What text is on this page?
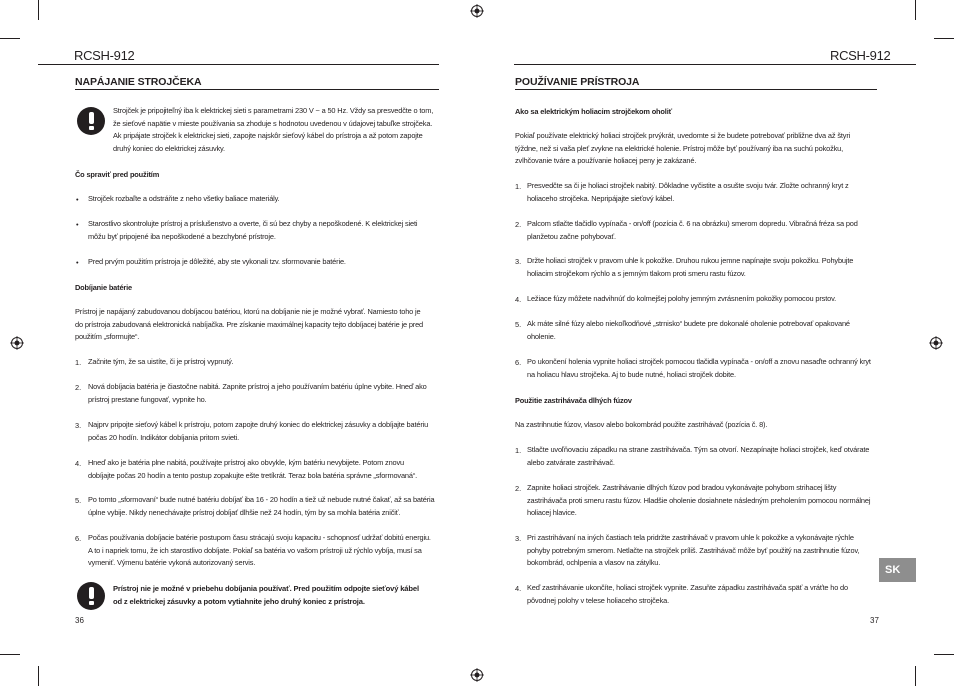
RCSH-912	RCSH-912
NAPÁJANIE STROJČEKA
Strojček je pripojiteľný iba k elektrickej sieti s parametrami 230 V ~ a 50 Hz. Vždy sa presvedčte o tom,
že sieťové napätie v mieste používania sa zhoduje s hodnotou uvedenou v údajovej tabuľke strojčeka.
Ak pripájate strojček k elektrickej sieti, zapojte najskôr sieťový kábel do prístroja a až potom zapojte
druhý koniec do elektrickej zásuvky.
Čo spraviť pred použitím
• Strojček rozbaľte a odstráňte z neho všetky baliace materiály.
• Starostlivo skontrolujte prístroj a príslušenstvo a overte, či sú bez chyby a nepoškodené. K elektrickej sieti
môžu byť pripojené iba nepoškodené a bezchybné prístroje.
• Pred prvým použitím prístroja je dôležité, aby ste vykonali tzv. sformovanie batérie.
Dobíjanie batérie
Prístroj je napájaný zabudovanou dobíjacou batériou, ktorú na dobíjanie nie je možné vybrať. Namiesto toho je
do prístroja zabudovaná elektronická nabíjačka. Pre získanie maximálnej kapacity tejto dobíjacej batérie je pred
použitím „sformujte“.
1. Začnite tým, že sa uistíte, či je prístroj vypnutý.
2. Nová dobíjacia batéria je čiastočne nabitá. Zapnite prístroj a jeho používaním batériu úplne vybite. Hneď ako
prístroj prestane fungovať, vypnite ho.
3. Najprv pripojte sieťový kábel k prístroju, potom zapojte druhý koniec do elektrickej zásuvky a dobíjajte batériu
počas 20 hodín. Indikátor dobíjania pritom svieti.
4. Hneď ako je batéria plne nabitá, používajte prístroj ako obvykle, kým batériu nevybijete. Potom znovu
dobíjajte počas 20 hodín a tento postup zopakujte ešte tretíkrát. Teraz bola batéria správne „sformovaná“.
5. Po tomto „sformovaní“ bude nutné batériu dobíjať iba 16 - 20 hodín a tiež už nebude nutné čakať, až sa batéria
úplne vybije. Nikdy nenechávajte prístroj dobíjať dlhšie než 24 hodín, tým by sa mohla batéria zničiť.
6. Počas používania dobíjacie batérie postupom času strácajú svoju kapacitu - schopnosť udržať dobitú energiu.
A to i napriek tomu, že ich starostlivo dobíjate. Pokiaľ sa batéria vo vašom prístroji už rýchlo vybíja, musí sa
vymeniť. Výmenu batérie vykoná autorizovaný servis.
Prístroj nie je možné v priebehu dobíjania používať. Pred použitím odpojte sieťový kábel
od z elektrickej zásuvky a potom vytiahnite jeho druhý koniec z prístroja.
36
POUŽÍVANIE PRÍSTROJA
Ako sa elektrickým holiacim strojčekom oholiť
Pokiaľ používate elektrický holiaci strojček prvýkrát, uvedomte si že budete potrebovať približne dva až štyri
týždne, než si vaša pleť zvykne na elektrické holenie. Prístroj môže byť používaný iba na suchú pokožku,
zvlhčovanie tváre a používanie holiacej peny je zakázané.
1. Presvedčte sa či je holiaci strojček nabitý. Dôkladne vyčistite a osušte svoju tvár. Zložte ochranný kryt z
holiaceho strojčeka. Nepripájajte sieťový kábel.
2. Palcom stlačte tlačidlo vypínača - on/off (pozícia č. 6 na obrázku) smerom dopredu. Vibračná fréza sa pod
planžetou začne pohybovať.
3. Držte holiaci strojček v pravom uhle k pokožke. Druhou rukou jemne napínajte svoju pokožku. Pohybujte
holiacim strojčekom rýchlo a s jemným tlakom proti smeru rastu fúzov.
4. Ležiace fúzy môžete nadvihnúť do kolmejšej polohy jemným zvrásnením pokožky pomocou prstov.
5. Ak máte silné fúzy alebo niekoľkodňové „strnisko“ budete pre dokonalé oholenie potrebovať opakované
oholenie.
6. Po ukončení holenia vypnite holiaci strojček pomocou tlačidla vypínača - on/off a znovu nasaďte ochranný kryt
na holiacu hlavu strojčeka. Aj to bude nutné, holiaci strojček dobite.
Použitie zastrihávača dlhých fúzov
Na zastrihnutie fúzov, vlasov alebo bokombrád použite zastrihávač (pozícia č. 8).
1. Stlačte uvoľňovaciu západku na strane zastrihávača. Tým sa otvorí. Nezapínajte holiaci strojček, keď otvárate
alebo zatvárate zastrihávač.
2. Zapnite holiaci strojček. Zastrihávanie dlhých fúzov pod bradou vykonávajte pohybom strihacej lišty
zastrihávača proti smeru rastu fúzov. Hladšie oholenie dosiahnete následným preholením pomocou normálnej
holiacej hlavice.
3. Pri zastrihávaní na iných častiach tela pridržte zastrihávač v pravom uhle k pokožke a vykonávajte rýchle
pohyby potrebným smerom. Netlačte na strojček príliš. Zastrihávač môže byť použitý na zastrihnutie fúzov,
bokombrád, ochlpenia a vlasov na zátylku.
4. Keď zastrihávanie ukončíte, holiaci strojček vypnite. Zasuňte západku zastrihávača späť a vráťte ho do
pôvodnej polohy v telese holiaceho strojčeka.
SK
37
